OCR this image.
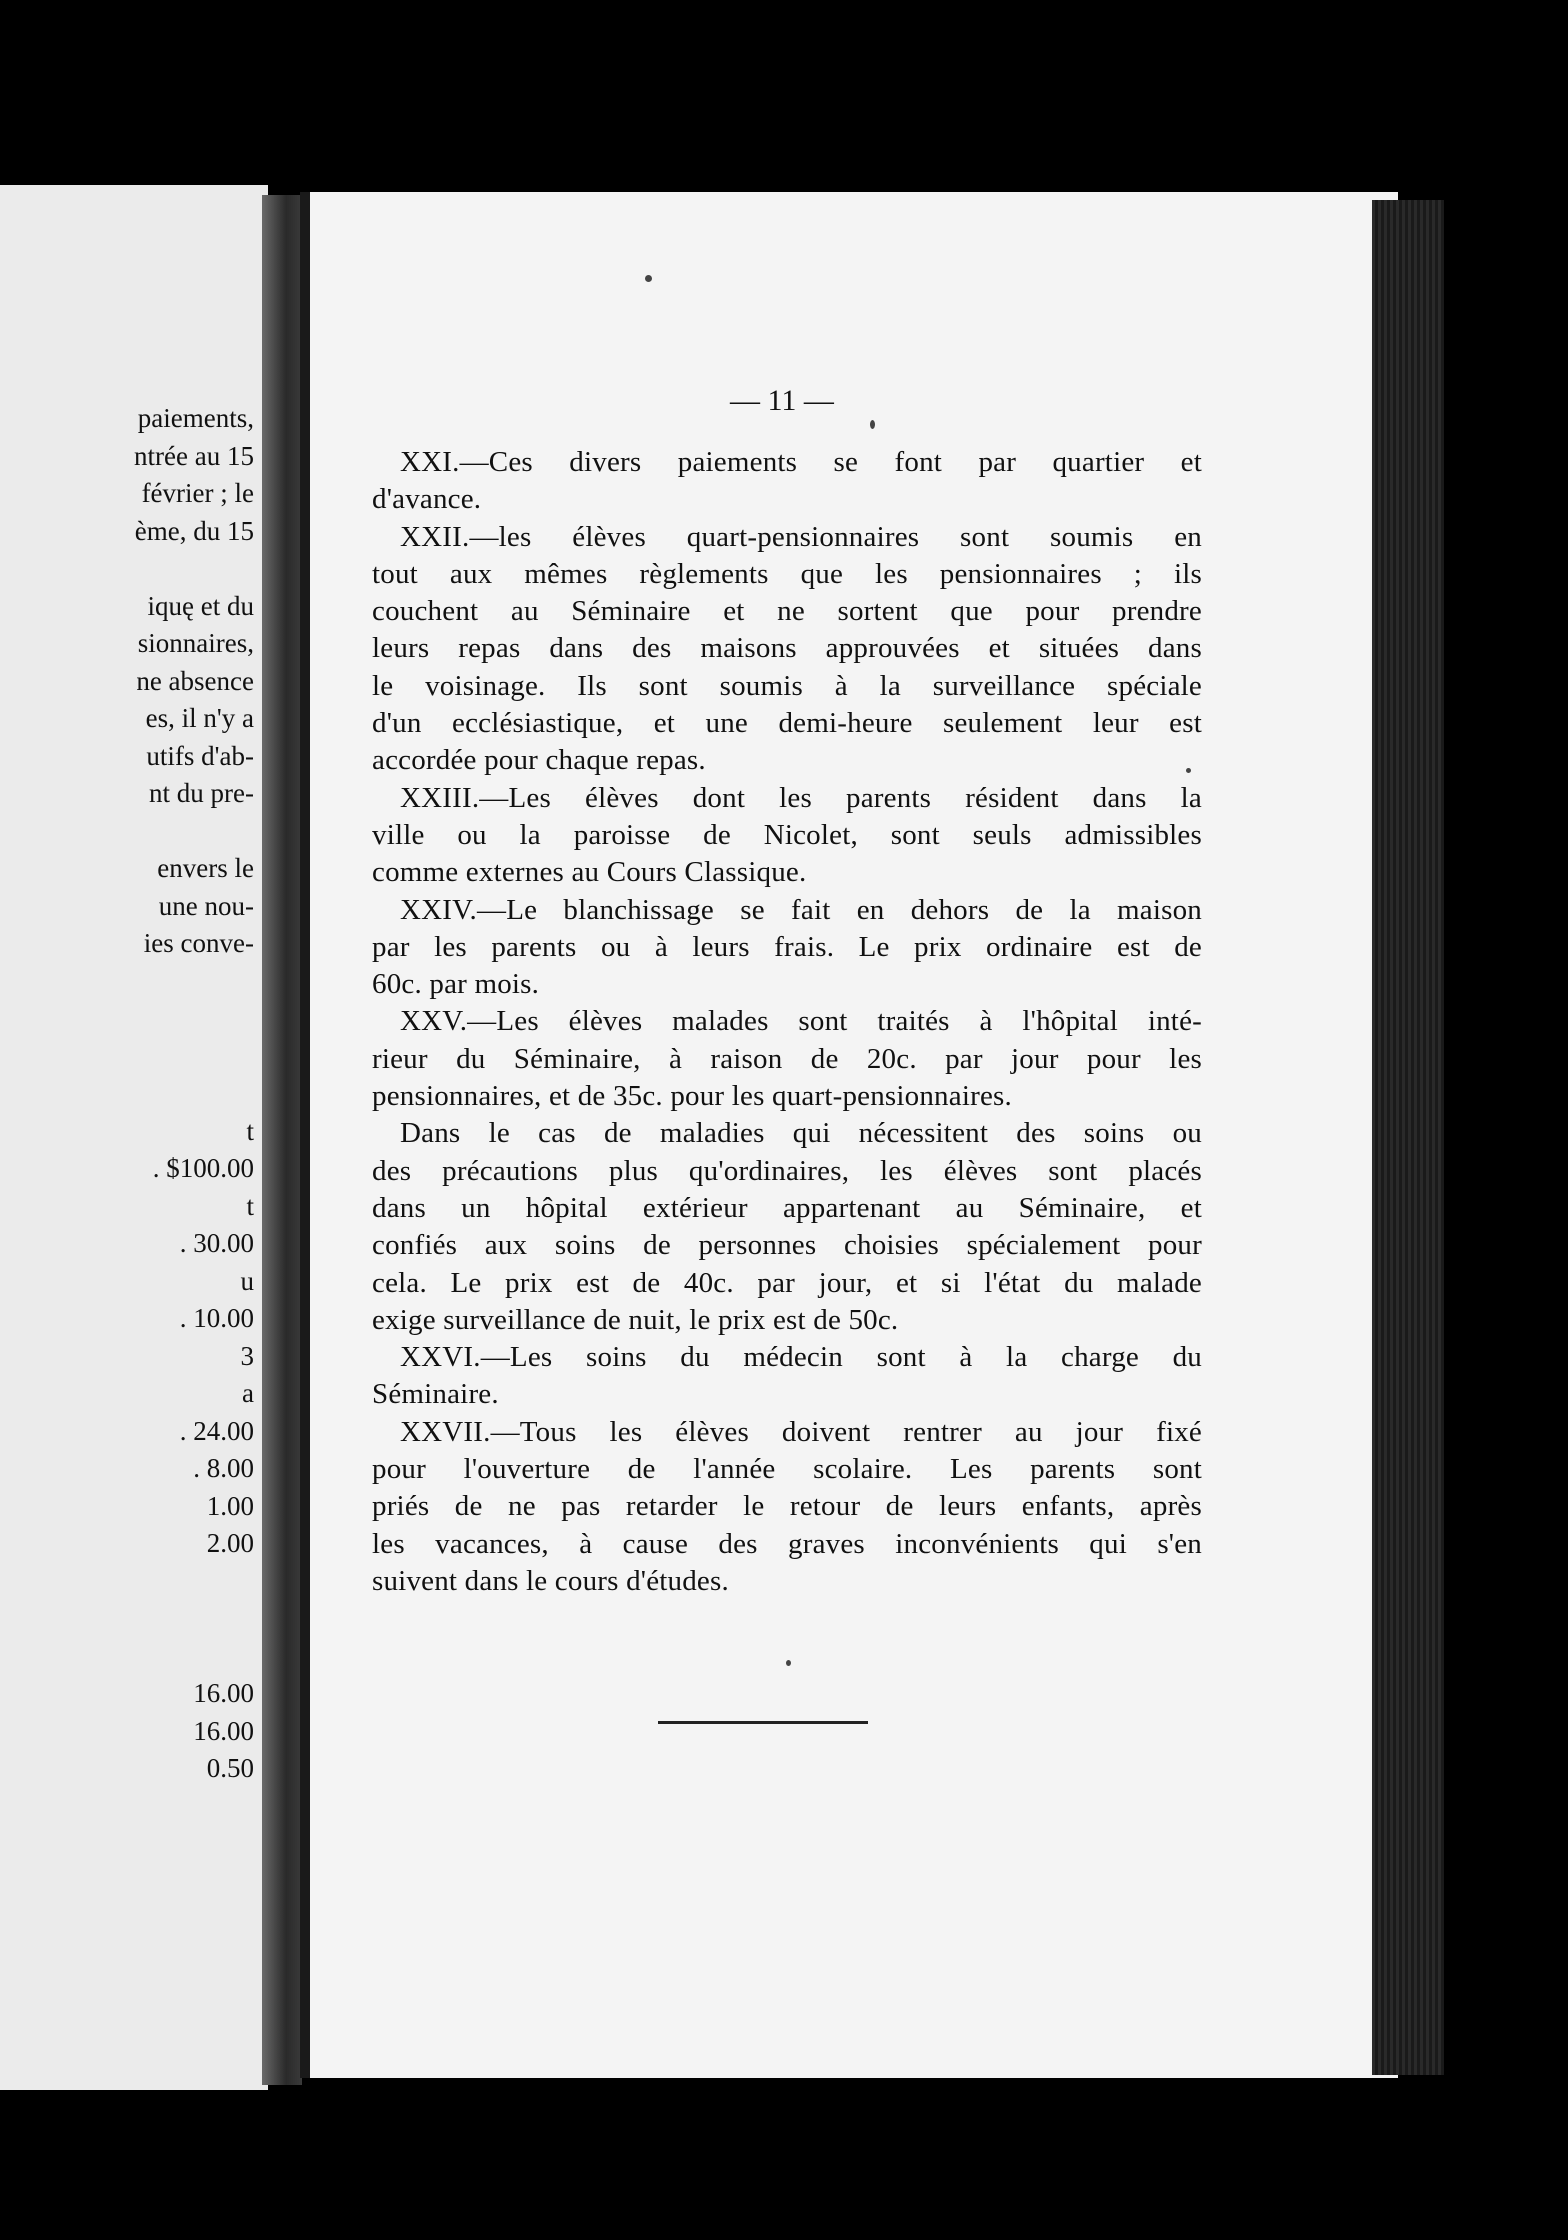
paiements,
ntrée au 15
février ; le
ème, du 15
iquę et du
sionnaires,
ne absence
es, il n'y a
utifs d'ab-
nt du pre-
envers le
une nou-
ies conve-
t
. $100.00
t
. 30.00
u
. 10.00
3
a
. 24.00
. 8.00
1.00
2.00
16.00
16.00
0.50
— 11 —
XXI.—Ces divers paiements se font par quartier et
d'avance.
XXII.—les élèves quart-pensionnaires sont soumis en
tout aux mêmes règlements que les pensionnaires ; ils
couchent au Séminaire et ne sortent que pour prendre
leurs repas dans des maisons approuvées et situées dans
le voisinage. Ils sont soumis à la surveillance spéciale
d'un ecclésiastique, et une demi-heure seulement leur est
accordée pour chaque repas.
XXIII.—Les élèves dont les parents résident dans la
ville ou la paroisse de Nicolet, sont seuls admissibles
comme externes au Cours Classique.
XXIV.—Le blanchissage se fait en dehors de la maison
par les parents ou à leurs frais. Le prix ordinaire est de
60c. par mois.
XXV.—Les élèves malades sont traités à l'hôpital inté-
rieur du Séminaire, à raison de 20c. par jour pour les
pensionnaires, et de 35c. pour les quart-pensionnaires.
Dans le cas de maladies qui nécessitent des soins ou
des précautions plus qu'ordinaires, les élèves sont placés
dans un hôpital extérieur appartenant au Séminaire, et
confiés aux soins de personnes choisies spécialement pour
cela. Le prix est de 40c. par jour, et si l'état du malade
exige surveillance de nuit, le prix est de 50c.
XXVI.—Les soins du médecin sont à la charge du
Séminaire.
XXVII.—Tous les élèves doivent rentrer au jour fixé
pour l'ouverture de l'année scolaire. Les parents sont
priés de ne pas retarder le retour de leurs enfants, après
les vacances, à cause des graves inconvénients qui s'en
suivent dans le cours d'études.
